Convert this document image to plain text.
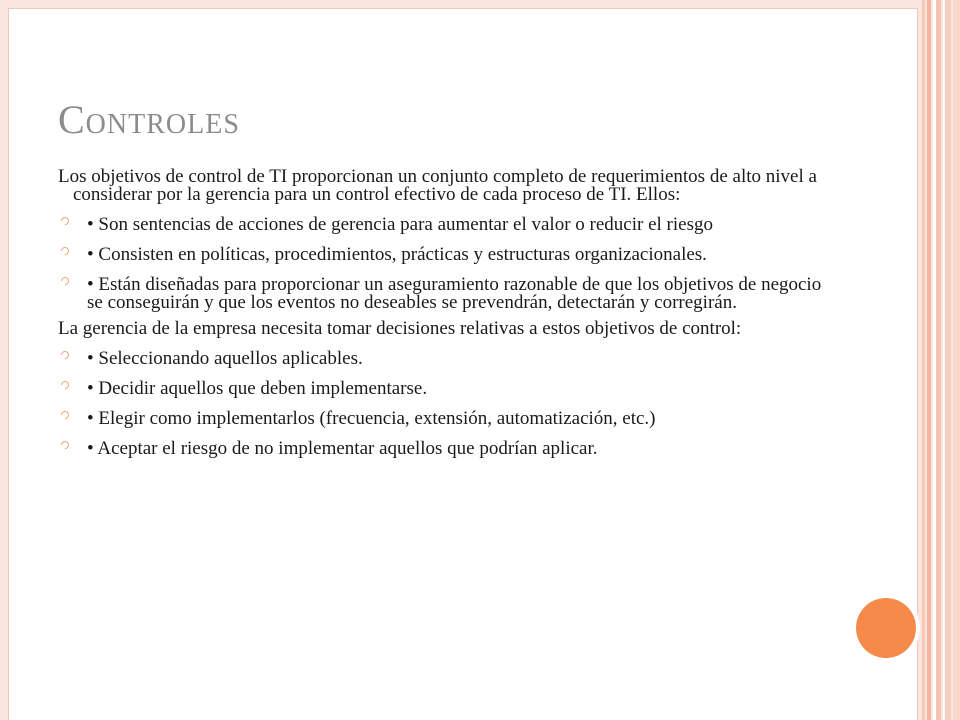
Controles

Los objetivos de control de TI proporcionan un conjunto completo de requerimientos de alto nivel a considerar por la gerencia para un control efectivo de cada proceso de TI. Ellos:

• Son sentencias de acciones de gerencia para aumentar el valor o reducir el riesgo

• Consisten en políticas, procedimientos, prácticas y estructuras organizacionales.

• Están diseñadas para proporcionar un aseguramiento razonable de que los objetivos de negocio se conseguirán y que los eventos no deseables se prevendrán, detectarán y corregirán.

La gerencia de la empresa necesita tomar decisiones relativas a estos objetivos de control:

• Seleccionando aquellos aplicables.

• Decidir aquellos que deben implementarse.

• Elegir como implementarlos (frecuencia, extensión, automatización, etc.)

• Aceptar el riesgo de no implementar aquellos que podrían aplicar.
